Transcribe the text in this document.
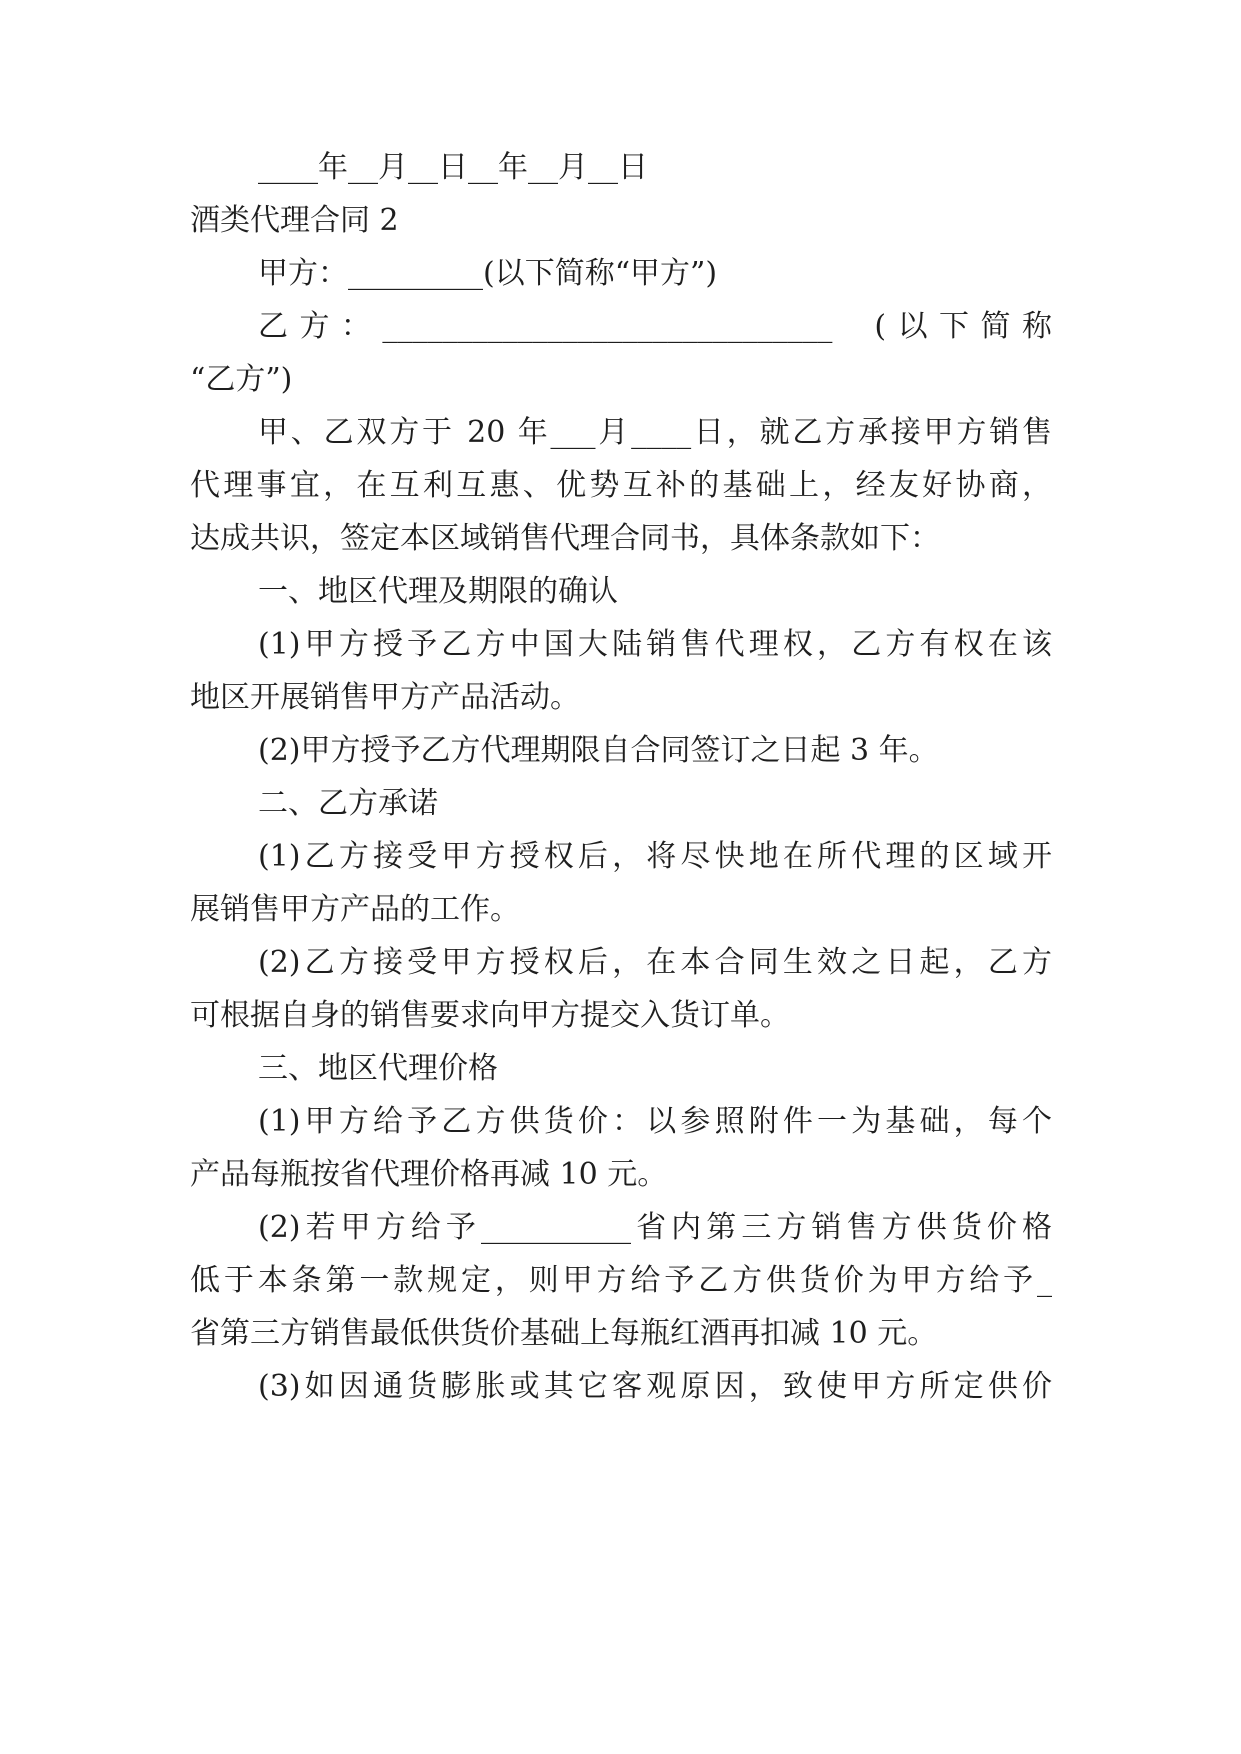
____年__月__日__年__月__日
酒类代理合同 2
甲方：_________(以下简称“甲方”)
乙方：______________________________  (以下简称
“乙方”)
甲、乙双方于 20 年___月____日，就乙方承接甲方销售
代理事宜，在互利互惠、优势互补的基础上，经友好协商，
达成共识，签定本区域销售代理合同书，具体条款如下：
一、地区代理及期限的确认
(1)甲方授予乙方中国大陆销售代理权，乙方有权在该
地区开展销售甲方产品活动。
(2)甲方授予乙方代理期限自合同签订之日起 3 年。
二、乙方承诺
(1)乙方接受甲方授权后，将尽快地在所代理的区域开
展销售甲方产品的工作。
(2)乙方接受甲方授权后，在本合同生效之日起，乙方
可根据自身的销售要求向甲方提交入货订单。
三、地区代理价格
(1)甲方给予乙方供货价：以参照附件一为基础，每个
产品每瓶按省代理价格再减 10 元。
(2)若甲方给予__________省内第三方销售方供货价格
低于本条第一款规定，则甲方给予乙方供货价为甲方给予_
省第三方销售最低供货价基础上每瓶红酒再扣减 10 元。
(3)如因通货膨胀或其它客观原因，致使甲方所定供价
